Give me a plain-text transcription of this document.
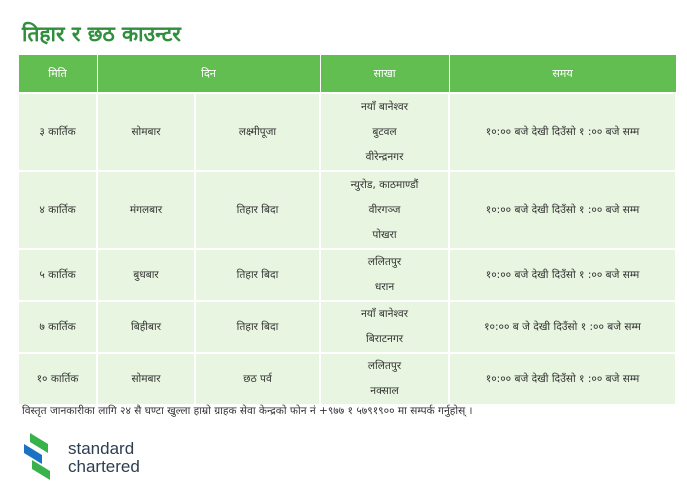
तिहार र छठ काउन्टर
मिति	दिन		साखा	समय
३ कार्तिक	सोमबार	लक्ष्मीपूजा	नयाँ बानेश्वर
बुटवल
वीरेन्द्रनगर	१०:०० बजे देखी दिउँसो १ :०० बजे सम्म
४ कार्तिक	मंगलबार	तिहार बिदा	न्युरोड, काठमाण्डौं
वीरगञ्ज
पोखरा	१०:०० बजे देखी दिउँसो १ :०० बजे सम्म
५ कार्तिक	बुधबार	तिहार बिदा	ललितपुर
धरान	१०:०० बजे देखी दिउँसो १ :०० बजे सम्म
७ कार्तिक	बिहीबार	तिहार बिदा	नयाँ बानेश्वर
बिराटनगर	१०:०० ब जे देखी दिउँसो १ :०० बजे सम्म
१० कार्तिक	सोमबार	छठ पर्व	ललितपुर
नक्साल	१०:०० बजे देखी दिउँसो १ :०० बजे सम्म
विस्तृत जानकारीका लागि २४ सै घण्टा खुल्ला हाम्रो ग्राहक सेवा केन्द्रको फोन नं +९७७ १ ५७९१९०० मा सम्पर्क गर्नुहोस् ।
standard
chartered
